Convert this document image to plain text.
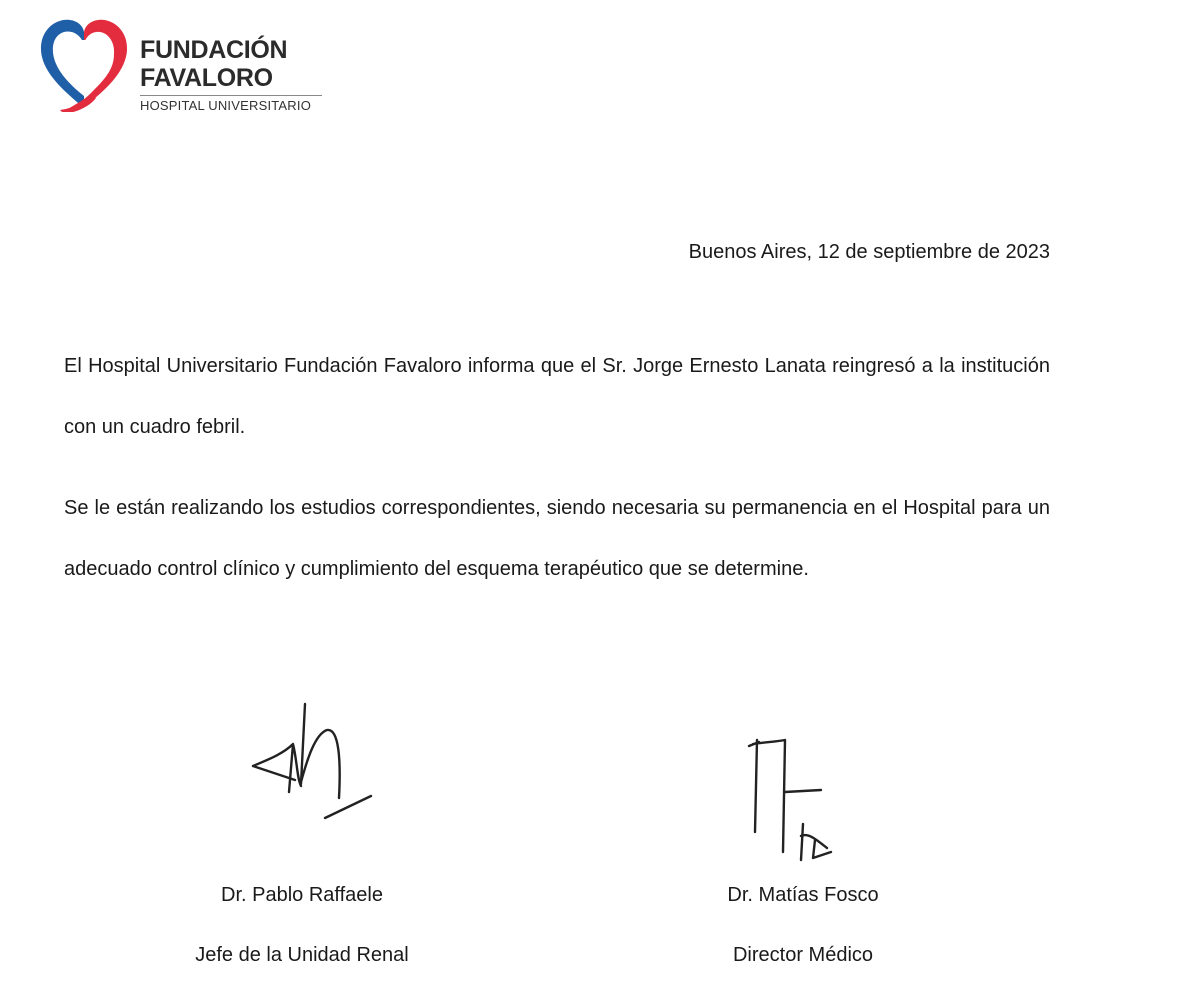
FUNDACIÓN
FAVALORO
HOSPITAL UNIVERSITARIO
Buenos Aires, 12 de septiembre de 2023
El Hospital Universitario Fundación Favaloro informa que el Sr. Jorge Ernesto Lanata reingresó a la institución con un cuadro febril.
Se le están realizando los estudios correspondientes, siendo necesaria su permanencia en el Hospital para un adecuado control clínico y cumplimiento del esquema terapéutico que se determine.
Dr. Pablo Raffaele
Jefe de la Unidad Renal
Dr. Matías Fosco
Director Médico
